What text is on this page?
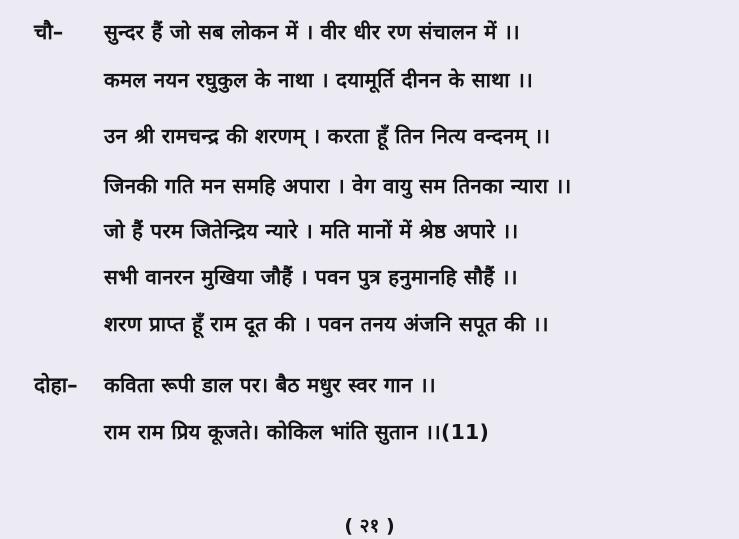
चौ– सुन्दर हैं जो सब लोकन में । वीर धीर रण संचालन में ।।
कमल नयन रघुकुल के नाथा । दयामूर्ति दीनन के साथा ।।
उन श्री रामचन्द्र की शरणम् । करता हूँ तिन नित्य वन्दनम् ।।
जिनकी गति मन समहि अपारा । वेग वायु सम तिनका न्यारा ।।
जो हैं परम जितेन्द्रिय न्यारे । मति मानों में श्रेष्ठ अपारे ।।
सभी वानरन मुखिया जौहैं । पवन पुत्र हनुमानहि सौहैं ।।
शरण प्राप्त हूँ राम दूत की । पवन तनय अंजनि सपूत की ।।
दोहा– कविता रूपी डाल पर। बैठ मधुर स्वर गान ।।
राम राम प्रिय कूजते। कोकिल भांति सुतान ।।(11)
( २१ )
